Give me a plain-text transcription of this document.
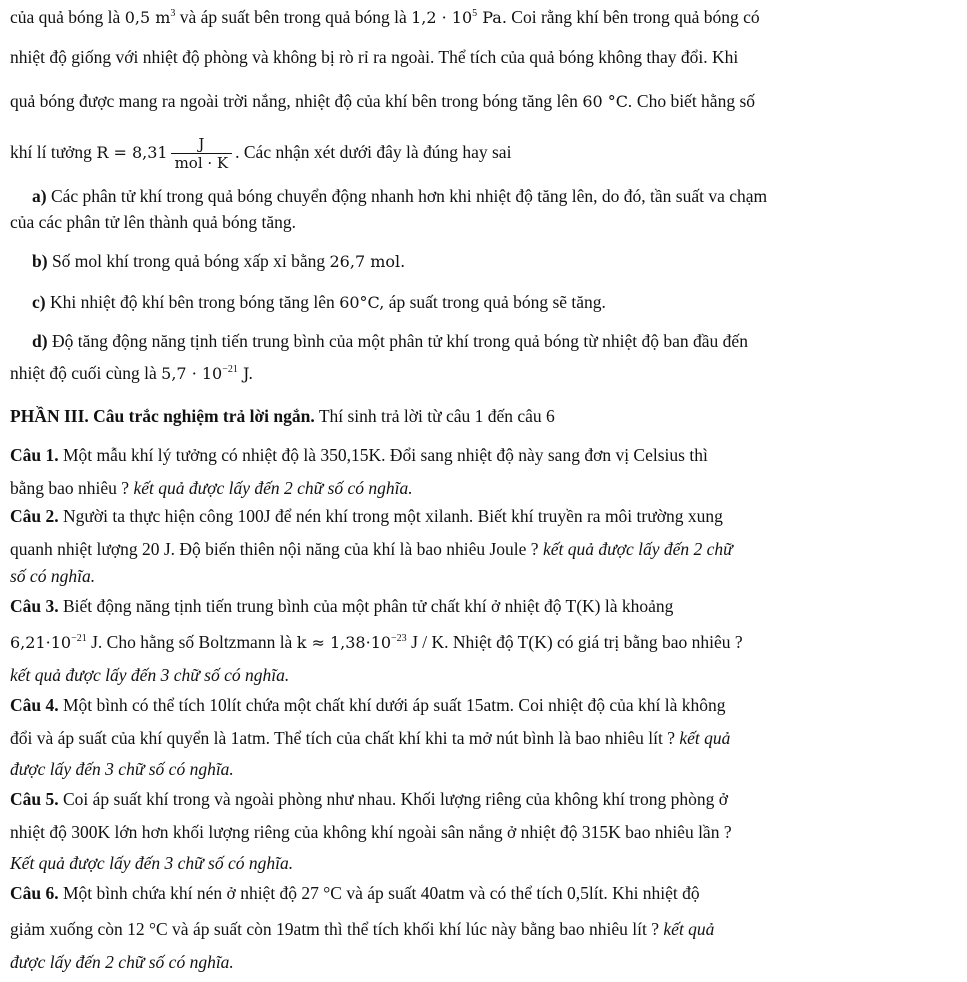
của quả bóng là 0,5 $m^3$ và áp suất bên trong quả bóng là $1,2 \cdot 10^5$ Pa. Coi rằng khí bên trong quả bóng có
nhiệt độ giống với nhiệt độ phòng và không bị rò rỉ ra ngoài. Thể tích của quả bóng không thay đổi. Khi
quả bóng được mang ra ngoài trời nắng, nhiệt độ của khí bên trong bóng tăng lên 60 °C. Cho biết hằng số
khí lí tưởng $R = 8,31 \frac{J}{\text{mol · K}}$ . Các nhận xét dưới đây là đúng hay sai
a) Các phân tử khí trong quả bóng chuyển động nhanh hơn khi nhiệt độ tăng lên, do đó, tần suất va chạm
của các phân tử lên thành quả bóng tăng.
b) Số mol khí trong quả bóng xấp xỉ bằng 26,7 mol.
c) Khi nhiệt độ khí bên trong bóng tăng lên 60°C, áp suất trong quả bóng sẽ tăng.
d) Độ tăng động năng tịnh tiến trung bình của một phân tử khí trong quả bóng từ nhiệt độ ban đầu đến
nhiệt độ cuối cùng là $5,7 \cdot 10^{-21}$ J.
PHẦN III. Câu trắc nghiệm trả lời ngắn. Thí sinh trả lời từ câu 1 đến câu 6
Câu 1. Một mẫu khí lý tưởng có nhiệt độ là 350,15K. Đổi sang nhiệt độ này sang đơn vị Celsius thì
bằng bao nhiêu ? kết quả được lấy đến 2 chữ số có nghĩa.
Câu 2. Người ta thực hiện công 100J để nén khí trong một xilanh. Biết khí truyền ra môi trường xung
quanh nhiệt lượng 20 J. Độ biến thiên nội năng của khí là bao nhiêu Joule ? kết quả được lấy đến 2 chữ
số có nghĩa.
Câu 3. Biết động năng tịnh tiến trung bình của một phân tử chất khí ở nhiệt độ T(K) là khoảng
$6,21\cdot 10^{-21}$ J. Cho hằng số Boltzmann là $k \approx 1,38\cdot 10^{-23}$ J / K. Nhiệt độ T(K) có giá trị bằng bao nhiêu ?
kết quả được lấy đến 3 chữ số có nghĩa.
Câu 4. Một bình có thể tích 10lít chứa một chất khí dưới áp suất 15atm. Coi nhiệt độ của khí là không
đổi và áp suất của khí quyển là 1atm. Thể tích của chất khí khi ta mở nút bình là bao nhiêu lít ? kết quả
được lấy đến 3 chữ số có nghĩa.
Câu 5. Coi áp suất khí trong và ngoài phòng như nhau. Khối lượng riêng của không khí trong phòng ở
nhiệt độ 300K lớn hơn khối lượng riêng của không khí ngoài sân nắng ở nhiệt độ 315K bao nhiêu lần ?
Kết quả được lấy đến 3 chữ số có nghĩa.
Câu 6. Một bình chứa khí nén ở nhiệt độ 27 °C và áp suất 40atm và có thể tích 0,5lít. Khi nhiệt độ
giảm xuống còn 12 °C và áp suất còn 19atm thì thể tích khối khí lúc này bằng bao nhiêu lít ? kết quả
được lấy đến 2 chữ số có nghĩa.
